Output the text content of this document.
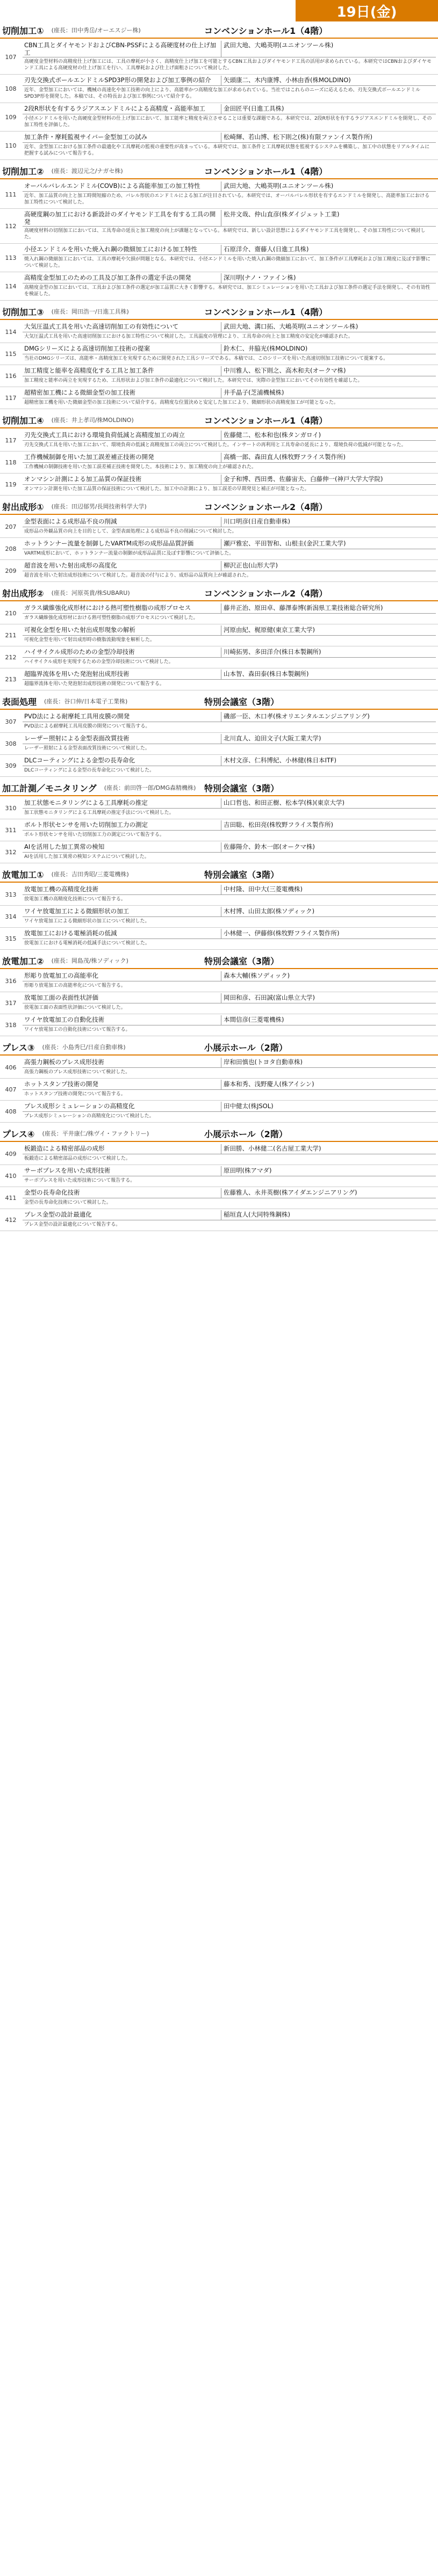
19日(金)
切削加工①	(座長：田中秀岳/オーエスジー株)	コンベンションホール1（4階）
107
CBN工具とダイヤモンドおよびCBN-PSSFによる高硬度材の仕上げ加工
武田大地、大嶋英明(ユニオンツール株)
高硬度金型材料の高精度仕上げ加工には、工具の摩耗が小さく、高精度仕上げ加工を可能とするCBN工具およびダイヤモンド工具の活用が求められている。本研究ではCBNおよびダイヤモンド工具による高硬度材の仕上げ加工を行い、工具摩耗および仕上げ面粗さについて検討した。
108
刃先交換式ボールエンドミルSPD3P形の開発および加工事例の紹介	矢頭康二、木内康博、小林由香(株MOLDINO)
近年、金型加工においては、機械の高速化や加工技術の向上により、高能率かつ高精度な加工が求められている。当社ではこれらのニーズに応えるため、刃先交換式ボールエンドミルSPD3P形を開発した。本稿では、その特長および加工事例について紹介する。
109
2段R形状を有するラジアスエンドミルによる高精度・高能率加工	金田匠平(日進工具株)
小径エンドミルを用いた高硬度金型材料の仕上げ加工において、加工能率と精度を両立させることは重要な課題である。本研究では、2段R形状を有するラジアスエンドミルを開発し、その加工特性を評価した。
110
加工条件・摩耗監視サイバー金型加工の試み	松崎輝、若山博、松下則之(株)有限ファンイス製作所)
近年、金型加工における加工条件の最適化や工具摩耗の監視の重要性が高まっている。本研究では、加工条件と工具摩耗状態を監視するシステムを構築し、加工中の状態をリアルタイムに把握する試みについて報告する。
切削加工②	(座長：渡辺元之/ナガセ株)	コンベンションホール1（4階）
111
オーバルバレルエンドミル(COVB)による高能率加工の加工特性	武田大地、大嶋英明(ユニオンツール株)
近年、加工品質の向上と加工時間短縮のため、バレル形状のエンドミルによる加工が注目されている。本研究では、オーバルバレル形状を有するエンドミルを開発し、高能率加工における加工特性について検討した。
112
高硬度鋼の加工における新設計のダイヤモンド工具を有する工具の開発
松井文哉、仲山直彦(株ダイジェット工業)
高硬度材料の切削加工においては、工具寿命の延長と加工精度の向上が課題となっている。本研究では、新しい設計思想によるダイヤモンド工具を開発し、その加工特性について検討した。
113
小径エンドミルを用いた焼入れ鋼の微細加工における加工特性	石原洋介、齋藤人(日進工具株)
焼入れ鋼の微細加工においては、工具の摩耗や欠損が問題となる。本研究では、小径エンドミルを用いた焼入れ鋼の微細加工において、加工条件が工具摩耗および加工精度に及ぼす影響について検討した。
114
高精度金型加工のための工具及び加工条件の選定手法の開発	深川明(ナノ・ファイン株)
高精度金型の加工においては、工具および加工条件の選定が加工品質に大きく影響する。本研究では、加工シミュレーションを用いた工具および加工条件の選定手法を開発し、その有効性を検証した。
切削加工③	(座長：岡田浩一/日進工具株)	コンベンションホール1（4階）
114
大気圧温式工具を用いた高速切削加工の有効性について	武田大地、溝口拓、大嶋英明(ユニオンツール株)
大気圧温式工具を用いた高速切削加工における加工特性について検討した。工具温度の管理により、工具寿命の向上と加工精度の安定化が確認された。
115
DMGシリーズによる高速切削加工技術の提案	鈴木仁、井脇光(株MOLDINO)
当社のDMGシリーズは、高能率・高精度加工を実現するために開発された工具シリーズである。本稿では、このシリーズを用いた高速切削加工技術について提案する。
116
加工精度と能率を高精度化する工具と加工条件	中川雅人、松下則之、高木和夫(オークマ株)
加工精度と能率の両立を実現するため、工具形状および加工条件の最適化について検討した。本研究では、実際の金型加工においてその有効性を確認した。
117
超精密加工機による微細金型の加工技術	井手晶子(芝浦機械株)
超精密加工機を用いた微細金型の加工技術について紹介する。高精度な位置決めと安定した加工により、微細形状の高精度加工が可能となった。
切削加工④	(座長：井上孝司/株MOLDINO)	コンベンションホール1（4階）
117
刃先交換式工具における環境負荷低減と高精度加工の両立	佐藤健二、松本和也(株タンガロイ)
刃先交換式工具を用いた加工において、環境負荷の低減と高精度加工の両立について検討した。インサートの再利用と工具寿命の延長により、環境負荷の低減が可能となった。
118
工作機械制御を用いた加工誤差補正技術の開発	高橋一郎、森田直人(株牧野フライス製作所)
工作機械の制御技術を用いた加工誤差補正技術を開発した。本技術により、加工精度の向上が確認された。
119
オンマシン計測による加工品質の保証技術	金子和博、西田勇、佐藤宙夫、白藤伸一(神戸大学大学院)
オンマシン計測を用いた加工品質の保証技術について検討した。加工中の計測により、加工誤差の早期発見と補正が可能となった。
射出成形①	(座長：田辺郁男/長岡技術科学大学)	コンベンションホール2（4階）
207
金型表面による成形品不良の削減	川口明彦(日産自動車株)
成形品の外観品質の向上を目的として、金型表面処理による成形品不良の削減について検討した。
208
ホットランナー流量を制御したVARTM成形の成形品品質評価	瀬戸雅宏、平田智和、山根圭(金沢工業大学)
VARTM成形において、ホットランナー流量の制御が成形品品質に及ぼす影響について評価した。
209
超音波を用いた射出成形の高度化	柳沢正也(山形大学)
超音波を用いた射出成形技術について検討した。超音波の付与により、成形品の品質向上が確認された。
射出成形②	(座長：河原英貴/株SUBARU)	コンベンションホール2（4階）
210
ガラス繊維強化成形材における熱可塑性樹脂の成形プロセス	藤井正治、原田卓、藤澤泰博(新潟県工業技術総合研究所)
ガラス繊維強化成形材における熱可塑性樹脂の成形プロセスについて検討した。
211
可視化金型を用いた射出成形現象の解析	河原由紀、梶原健(東京工業大学)
可視化金型を用いて射出成形時の樹脂流動現象を解析した。
212
ハイサイクル成形のための金型冷却技術	川崎拓男、多田洋介(株日本製鋼所)
ハイサイクル成形を実現するための金型冷却技術について検討した。
213
超臨界流体を用いた発泡射出成形技術	山本智、森田泰(株日本製鋼所)
超臨界流体を用いた発泡射出成形技術の開発について報告する。
表面処理	(座長：谷口伸/日本電子工業株)	特別会議室（3階）
307
PVD法による耐摩耗工具用皮膜の開発	磯部一臣、木口孝(株オリエンタルエンジニアリング)
PVD法による耐摩耗工具用皮膜の開発について報告する。
308
レーザー照射による金型表面改質技術	北川直人、迫田文子(大阪工業大学)
レーザー照射による金型表面改質技術について検討した。
309
DLCコーティングによる金型の長寿命化	木村文彦、仁科博紀、小林健(株日本ITF)
DLCコーティングによる金型の長寿命化について検討した。
加工計測／モニタリング	(座長：前田啓一郎/DMG森精機株) 特別会議室（3階）
310
加工状態モニタリングによる工具摩耗の推定	山口哲也、和田正樹、松本学(株)(東京大学)
加工状態モニタリングによる工具摩耗の推定手法について検討した。
311
ボルト形状センサを用いた切削加工力の測定	吉田聡、松田亮(株牧野フライス製作所)
ボルト形状センサを用いた切削加工力の測定について報告する。
312
AIを活用した加工異常の検知	佐藤陽介、鈴木一郎(オークマ株)
AIを活用した加工異常の検知システムについて検討した。
放電加工①	(座長：吉田秀昭/三菱電機株)	特別会議室（3階）
313
放電加工機の高精度化技術	中村隆、田中大(三菱電機株)
放電加工機の高精度化技術について報告する。
314
ワイヤ放電加工による微細形状の加工	木村博、山田太郎(株ソディック)
ワイヤ放電加工による微細形状の加工について検討した。
315
放電加工における電極消耗の低減	小林健一、伊藤修(株牧野フライス製作所)
放電加工における電極消耗の低減手法について検討した。
放電加工②	(座長：岡島茂/株ソディック)	特別会議室（3階）
316
形彫り放電加工の高能率化	森本大輔(株ソディック)
形彫り放電加工の高能率化について報告する。
317
放電加工面の表面性状評価	岡田和彦、石田誠(富山県立大学)
放電加工面の表面性状評価について検討した。
318
ワイヤ放電加工の自動化技術	本間信彦(三菱電機株)
ワイヤ放電加工の自動化技術について報告する。
プレス③	(座長：小島秀巳/日産自動車株)	小展示ホール（2階）
406
高張力鋼板のプレス成形技術	岸和田慎也(トヨタ自動車株)
高張力鋼板のプレス成形技術について検討した。
407
ホットスタンプ技術の開発	藤本和秀、浅野慶人(株アイシン)
ホットスタンプ技術の開発について報告する。
408
プレス成形シミュレーションの高精度化	田中健太(株JSOL)
プレス成形シミュレーションの高精度化について検討した。
プレス④	(座長：平井康仁/株ヴイ・ファクトリー)	小展示ホール（2階）
409
板鍛造による精密部品の成形	新田勝、小林健二(名古屋工業大学)
板鍛造による精密部品の成形について検討した。
410
サーボプレスを用いた成形技術	原田明(株アマダ)
サーボプレスを用いた成形技術について報告する。
411
金型の長寿命化技術	佐藤雅人、永井英樹(株アイダエンジニアリング)
金型の長寿命化技術について検討した。
412
プレス金型の設計最適化	稲垣直人(大同特殊鋼株)
プレス金型の設計最適化について報告する。
